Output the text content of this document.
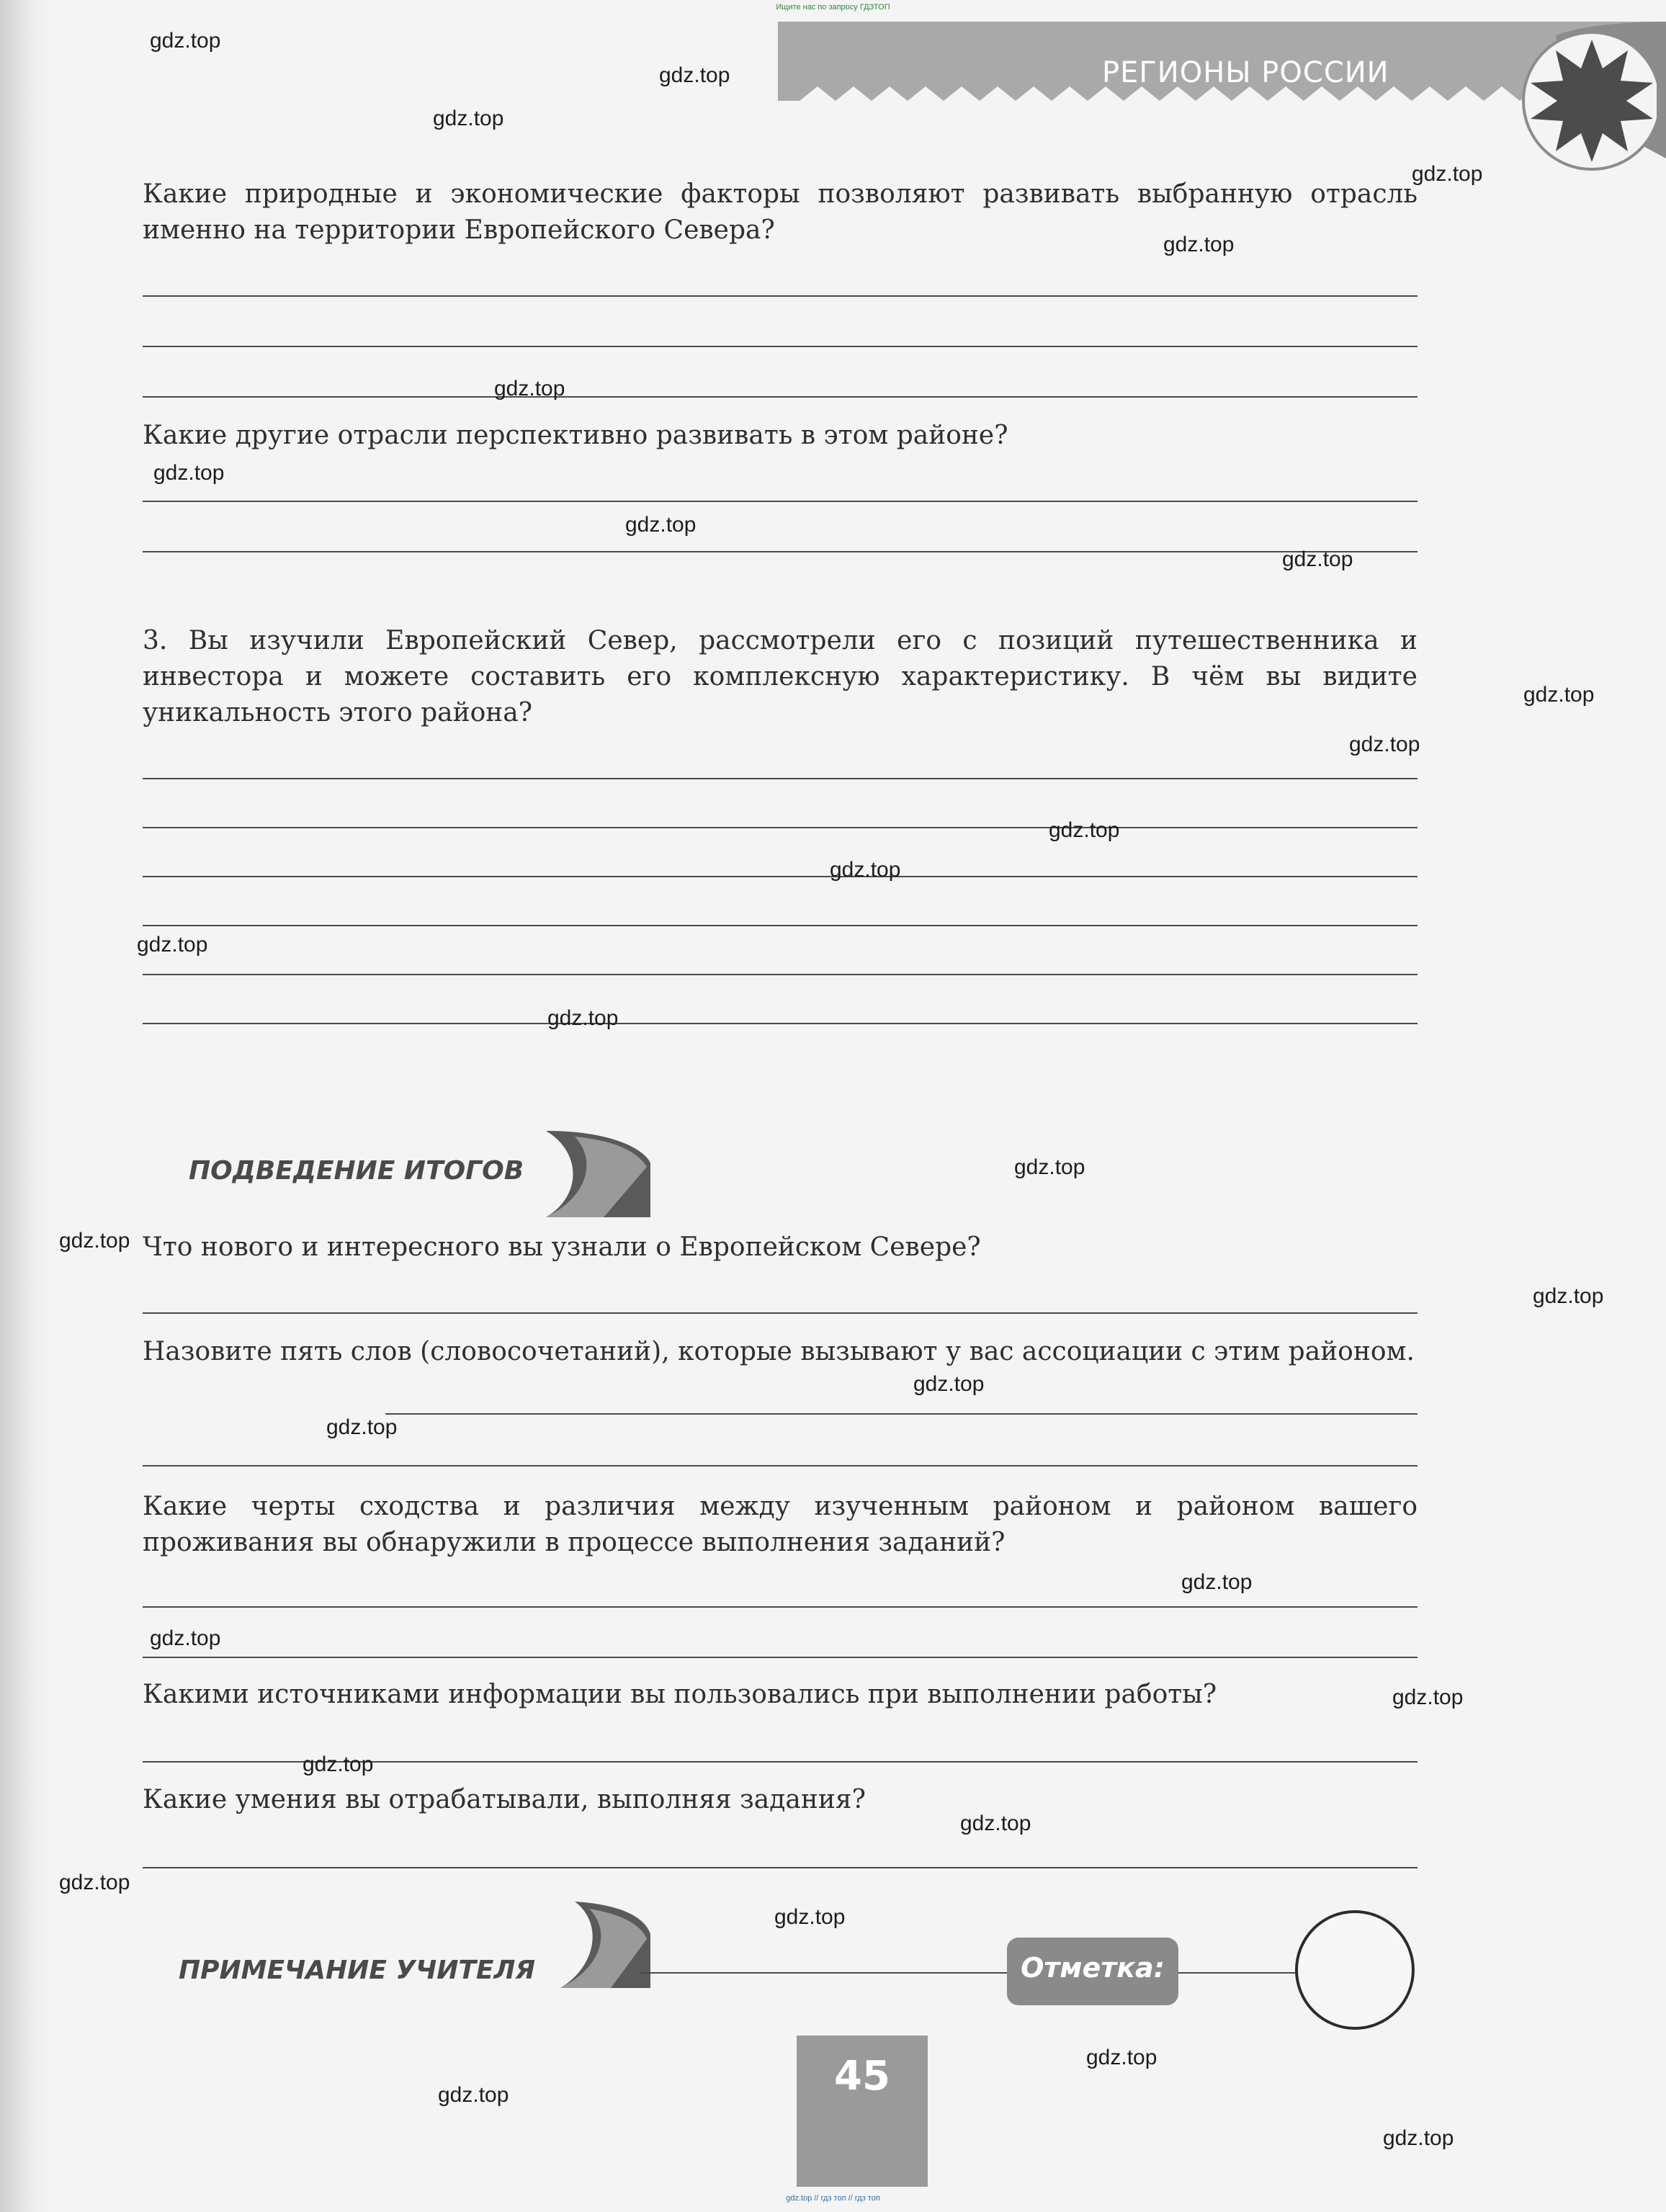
Ищите нас по запросу ГДЗТОП
gdz.top // гдз топ // гдз топ
РЕГИОНЫ РОССИИ
Какие природные и экономические факторы позволяют развивать выбранную отрасль именно на территории Европейского Севера?
Какие другие отрасли перспективно развивать в этом районе?
3. Вы изучили Европейский Север, рассмотрели его с позиций путешественника и инвестора и можете составить его комплексную характеристику. В чём вы видите уникальность этого района?
ПОДВЕДЕНИЕ ИТОГОВ
Что нового и интересного вы узнали о Европейском Севере?
Назовите пять слов (словосочетаний), которые вызывают у вас ассоциации с этим районом.
Какие черты сходства и различия между изученным районом и районом вашего проживания вы обнаружили в процессе выполнения заданий?
Какими источниками информации вы пользовались при выполнении работы?
Какие умения вы отрабатывали, выполняя задания?
ПРИМЕЧАНИЕ УЧИТЕЛЯ	Отметка:
45
gdz.top
gdz.top
gdz.top
gdz.top
gdz.top
gdz.top
gdz.top
gdz.top
gdz.top
gdz.top
gdz.top
gdz.top
gdz.top
gdz.top
gdz.top
gdz.top
gdz.top
gdz.top
gdz.top
gdz.top
gdz.top
gdz.top
gdz.top
gdz.top
gdz.top
gdz.top
gdz.top
gdz.top
gdz.top
gdz.top
